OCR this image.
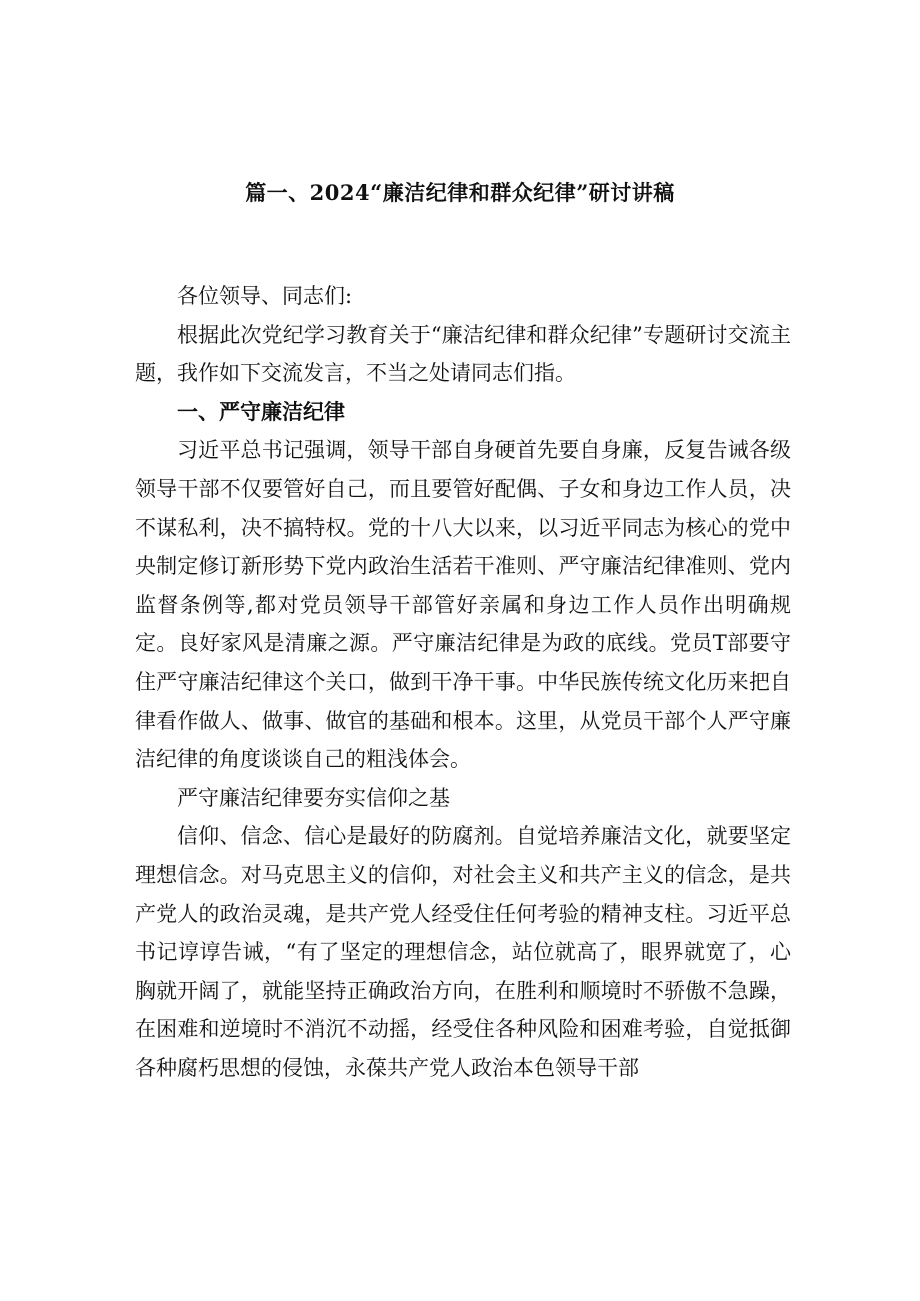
篇一、2024“廉洁纪律和群众纪律”研讨讲稿

各位领导、同志们:

根据此次党纪学习教育关于“廉洁纪律和群众纪律”专题研讨交流主题，我作如下交流发言，不当之处请同志们指。

一、严守廉洁纪律

习近平总书记强调，领导干部自身硬首先要自身廉，反复告诫各级领导干部不仅要管好自己，而且要管好配偶、子女和身边工作人员，决不谋私利，决不搞特权。党的十八大以来，以习近平同志为核心的党中央制定修订新形势下党内政治生活若干准则、严守廉洁纪律准则、党内监督条例等,都对党员领导干部管好亲属和身边工作人员作出明确规定。良好家风是清廉之源。严守廉洁纪律是为政的底线。党员T部要守住严守廉洁纪律这个关口，做到干净干事。中华民族传统文化历来把自律看作做人、做事、做官的基础和根本。这里，从党员干部个人严守廉洁纪律的角度谈谈自己的粗浅体会。

严守廉洁纪律要夯实信仰之基

信仰、信念、信心是最好的防腐剂。自觉培养廉洁文化，就要坚定理想信念。对马克思主义的信仰，对社会主义和共产主义的信念，是共产党人的政治灵魂，是共产党人经受住任何考验的精神支柱。习近平总书记谆谆告诫，“有了坚定的理想信念，站位就高了，眼界就宽了，心胸就开阔了，就能坚持正确政治方向，在胜利和顺境时不骄傲不急躁，在困难和逆境时不消沉不动摇，经受住各种风险和困难考验，自觉抵御各种腐朽思想的侵蚀，永葆共产党人政治本色领导干部
